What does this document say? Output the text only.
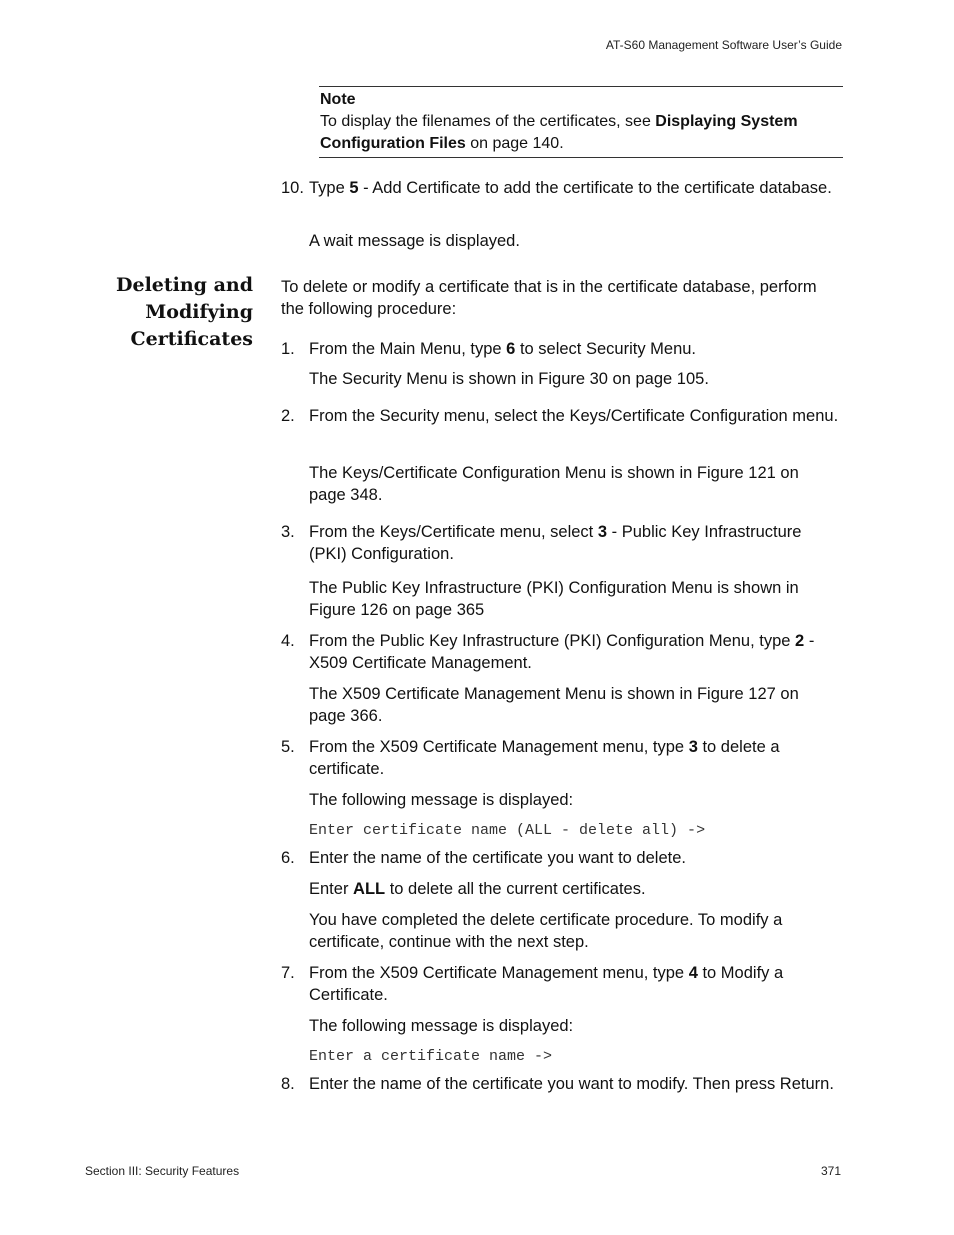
AT-S60 Management Software User’s Guide
Note
To display the filenames of the certificates, see Displaying System Configuration Files on page 140.
10. Type 5 - Add Certificate to add the certificate to the certificate database.
A wait message is displayed.
Deleting and
Modifying
Certificates
To delete or modify a certificate that is in the certificate database, perform the following procedure:
1. From the Main Menu, type 6 to select Security Menu.
The Security Menu is shown in Figure 30 on page 105.
2. From the Security menu, select the Keys/Certificate Configuration menu.
The Keys/Certificate Configuration Menu is shown in Figure 121 on page 348.
3. From the Keys/Certificate menu, select 3 - Public Key Infrastructure (PKI) Configuration.
The Public Key Infrastructure (PKI) Configuration Menu is shown in Figure 126 on page 365
4. From the Public Key Infrastructure (PKI) Configuration Menu, type 2 - X509 Certificate Management.
The X509 Certificate Management Menu is shown in Figure 127 on page 366.
5. From the X509 Certificate Management menu, type 3 to delete a certificate.
The following message is displayed:
Enter certificate name (ALL - delete all) ->
6. Enter the name of the certificate you want to delete.
Enter ALL to delete all the current certificates.
You have completed the delete certificate procedure. To modify a certificate, continue with the next step.
7. From the X509 Certificate Management menu, type 4 to Modify a Certificate.
The following message is displayed:
Enter a certificate name ->
8. Enter the name of the certificate you want to modify. Then press Return.
Section III: Security Features	371
